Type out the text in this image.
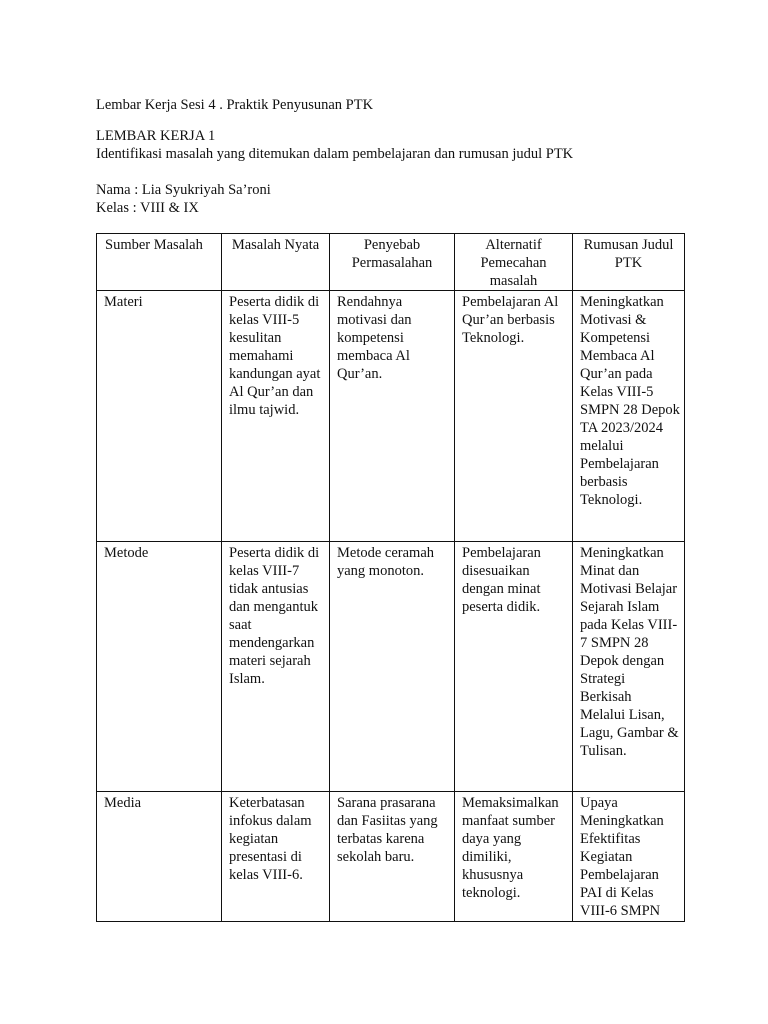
Lembar Kerja Sesi 4 . Praktik Penyusunan PTK
LEMBAR KERJA 1
Identifikasi masalah yang ditemukan dalam pembelajaran dan rumusan judul PTK
Nama : Lia Syukriyah Sa’roni
Kelas : VIII & IX
Sumber Masalah	Masalah Nyata	Penyebab Permasalahan	Alternatif Pemecahan masalah	Rumusan Judul PTK
Materi	Peserta didik di kelas VIII-5 kesulitan memahami kandungan ayat Al Qur’an dan ilmu tajwid.	Rendahnya motivasi dan kompetensi membaca Al Qur’an.	Pembelajaran Al Qur’an berbasis Teknologi.	Meningkatkan Motivasi & Kompetensi Membaca Al Qur’an pada Kelas VIII-5 SMPN 28 Depok TA 2023/2024 melalui Pembelajaran berbasis Teknologi.
Metode	Peserta didik di kelas VIII-7 tidak antusias dan mengantuk saat mendengarkan materi sejarah Islam.	Metode ceramah yang monoton.	Pembelajaran disesuaikan dengan minat peserta didik.	Meningkatkan Minat dan Motivasi Belajar Sejarah Islam pada Kelas VIII-7 SMPN 28 Depok dengan Strategi Berkisah Melalui Lisan, Lagu, Gambar & Tulisan.
Media	Keterbatasan infokus dalam kegiatan presentasi di kelas VIII-6.	Sarana prasarana dan Fasiitas yang terbatas karena sekolah baru.	Memaksimalkan manfaat sumber daya yang dimiliki, khususnya teknologi.	Upaya Meningkatkan Efektifitas Kegiatan Pembelajaran PAI di Kelas VIII-6 SMPN
